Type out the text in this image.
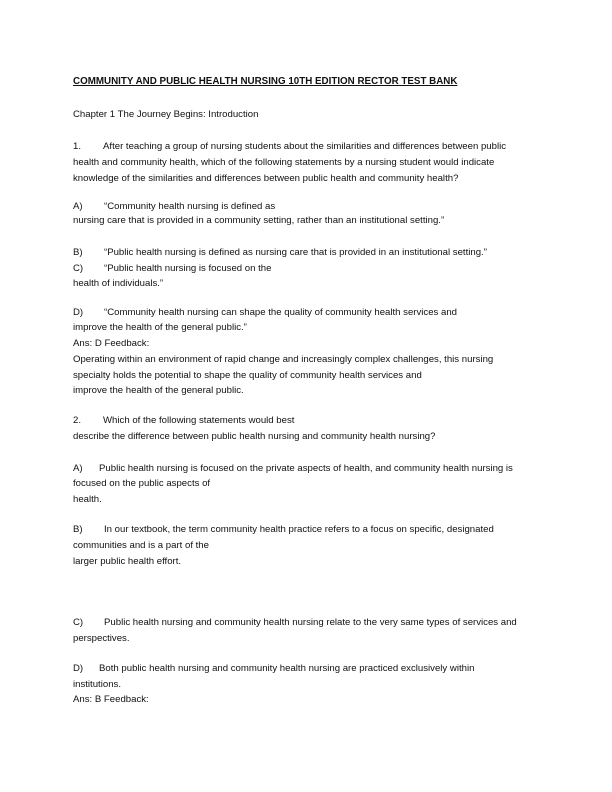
COMMUNITY AND PUBLIC HEALTH NURSING 10TH EDITION RECTOR TEST BANK
Chapter 1 The Journey Begins: Introduction
1. After teaching a group of nursing students about the similarities and differences between public
health and community health, which of the following statements by a nursing student would indicate
knowledge of the similarities and differences between public health and community health?
A) “Community health nursing is defined as
nursing care that is provided in a community setting, rather than an institutional setting.”
B) “Public health nursing is defined as nursing care that is provided in an institutional setting.”
C) “Public health nursing is focused on the
health of individuals.”
D) “Community health nursing can shape the quality of community health services and
improve the health of the general public.”
Ans: D Feedback:
Operating within an environment of rapid change and increasingly complex challenges, this nursing
specialty holds the potential to shape the quality of community health services and
improve the health of the general public.
2. Which of the following statements would best
describe the difference between public health nursing and community health nursing?
A) Public health nursing is focused on the private aspects of health, and community health nursing is
focused on the public aspects of
health.
B) In our textbook, the term community health practice refers to a focus on specific, designated
communities and is a part of the
larger public health effort.
C) Public health nursing and community health nursing relate to the very same types of services and
perspectives.
D) Both public health nursing and community health nursing are practiced exclusively within
institutions.
Ans: B Feedback:
